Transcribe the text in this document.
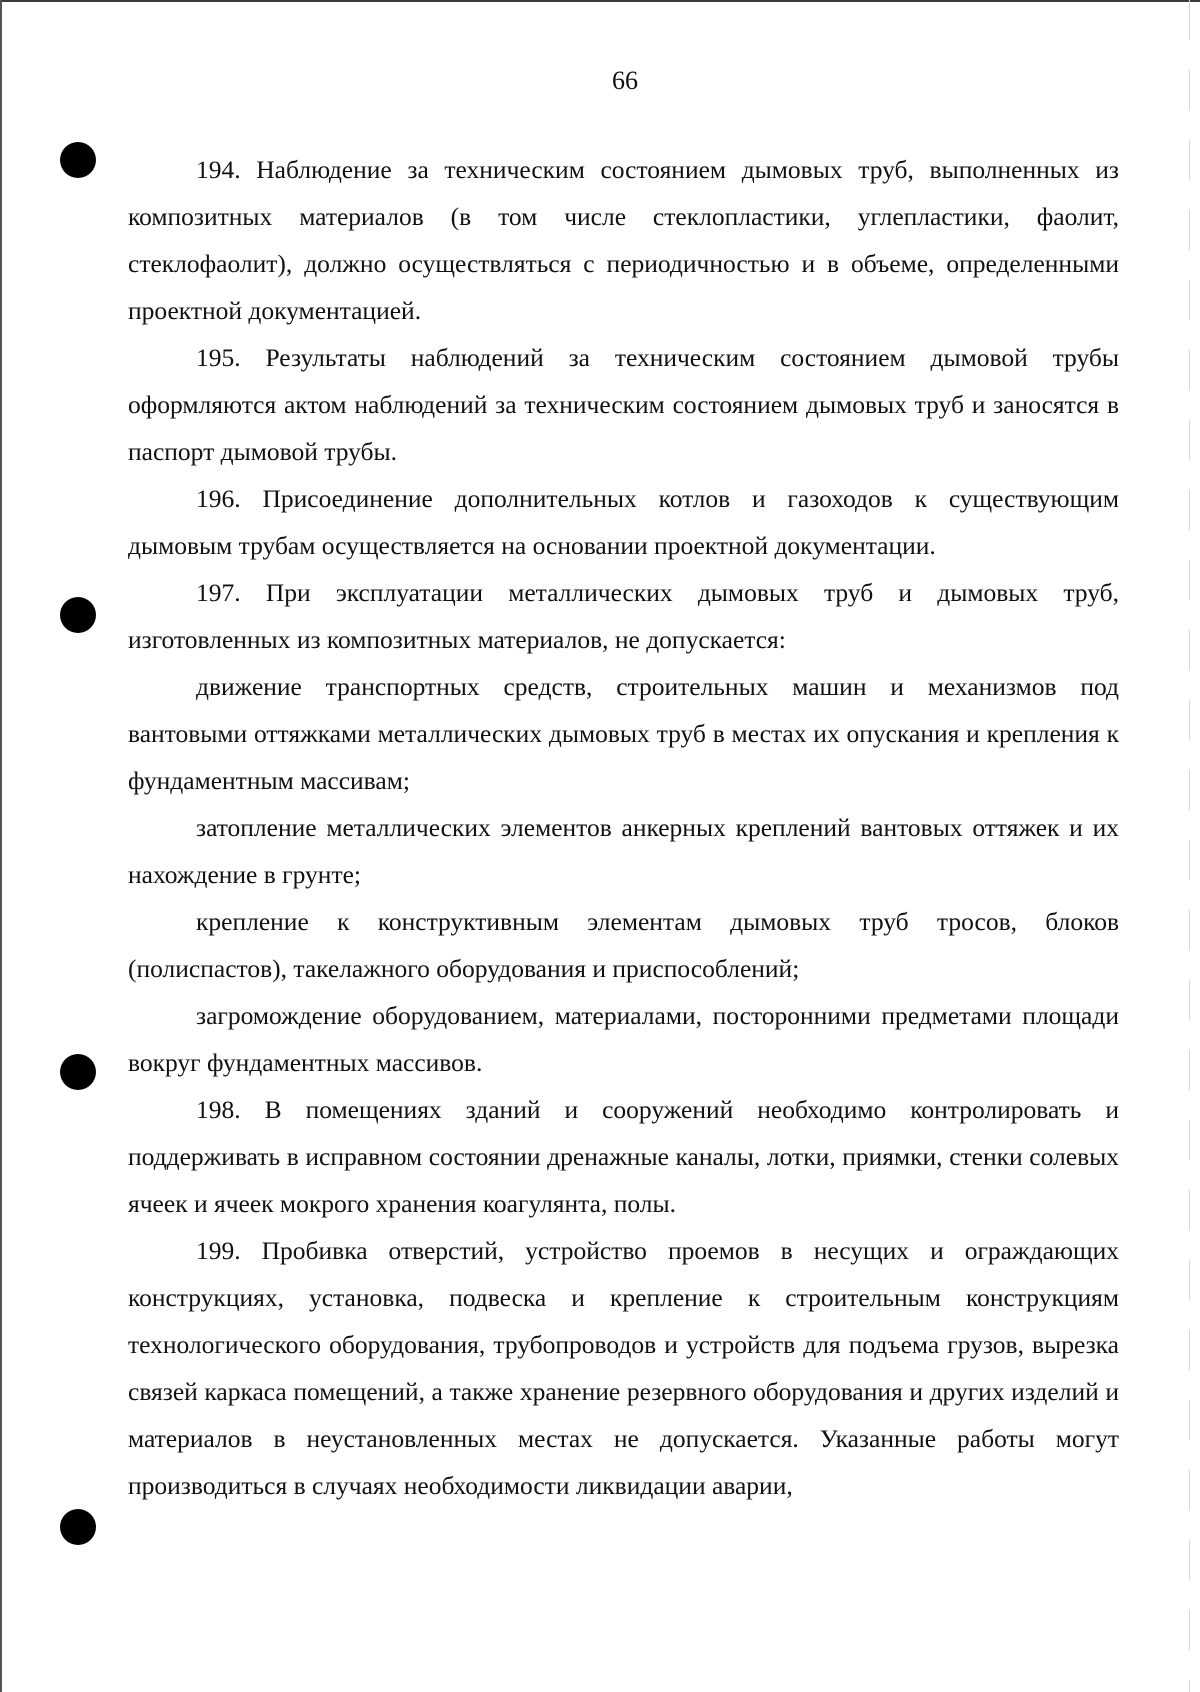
66

194. Наблюдение за техническим состоянием дымовых труб, выполненных из композитных материалов (в том числе стеклопластики, углепластики, фаолит, стеклофаолит), должно осуществляться с периодичностью и в объеме, определенными проектной документацией.

195. Результаты наблюдений за техническим состоянием дымовой трубы оформляются актом наблюдений за техническим состоянием дымовых труб и заносятся в паспорт дымовой трубы.

196. Присоединение дополнительных котлов и газоходов к существующим дымовым трубам осуществляется на основании проектной документации.

197. При эксплуатации металлических дымовых труб и дымовых труб, изготовленных из композитных материалов, не допускается:

движение транспортных средств, строительных машин и механизмов под вантовыми оттяжками металлических дымовых труб в местах их опускания и крепления к фундаментным массивам;

затопление металлических элементов анкерных креплений вантовых оттяжек и их нахождение в грунте;

крепление к конструктивным элементам дымовых труб тросов, блоков (полиспастов), такелажного оборудования и приспособлений;

загромождение оборудованием, материалами, посторонними предметами площади вокруг фундаментных массивов.

198. В помещениях зданий и сооружений необходимо контролировать и поддерживать в исправном состоянии дренажные каналы, лотки, приямки, стенки солевых ячеек и ячеек мокрого хранения коагулянта, полы.

199. Пробивка отверстий, устройство проемов в несущих и ограждающих конструкциях, установка, подвеска и крепление к строительным конструкциям технологического оборудования, трубопроводов и устройств для подъема грузов, вырезка связей каркаса помещений, а также хранение резервного оборудования и других изделий и материалов в неустановленных местах не допускается. Указанные работы могут производиться в случаях необходимости ликвидации аварии,
